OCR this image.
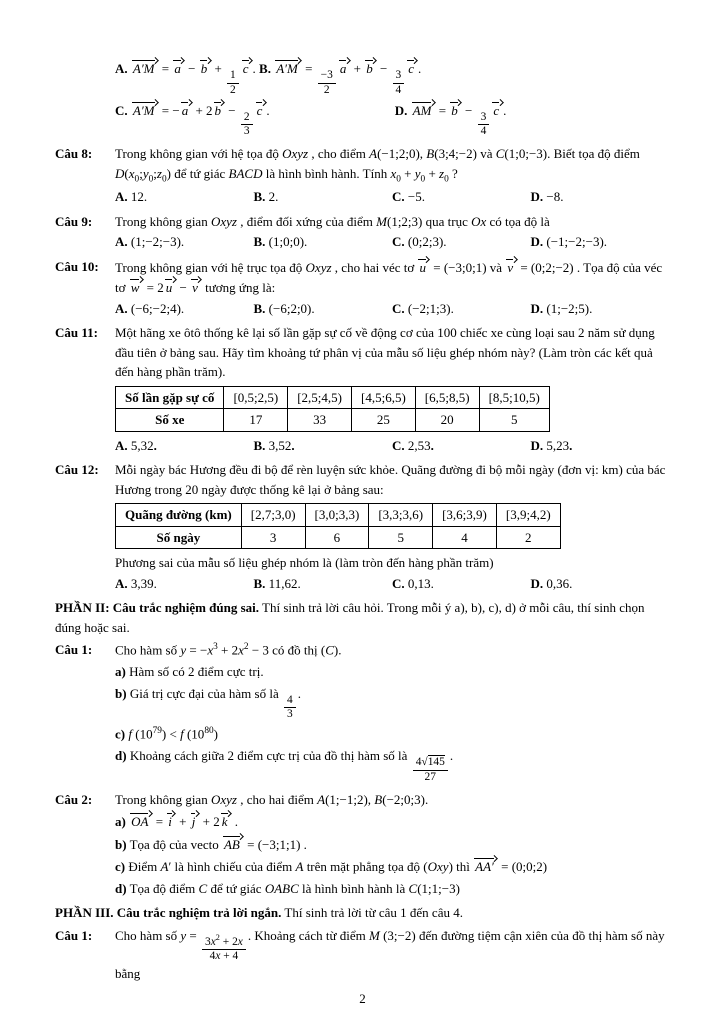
A. A′M = a − b +
$\frac{1}{2}$
c . B. A′M =
$\frac{-3}{2}$
a + b −
$\frac{3}{4}$
c .
C. A′M = − a + 2 b −
$\frac{2}{3}$
c .	D. AM = b −
$\frac{3}{4}$
c .
Câu 8:	Trong không gian với hệ tọa độ Oxyz , cho điểm A(−1;2;0), B(3;4;−2) và C(1;0;−3). Biết tọa độ điểm $D(x_0;y_0;z_0)$ để tứ giác BACD là hình bình hành. Tính $x_0 + y_0 + z_0$ ?
A. 12.	B. 2.	C. −5.	D. −8.
Câu 9:	Trong không gian Oxyz , điểm đối xứng của điểm M(1;2;3) qua trục Ox có tọa độ là
A. (1;−2;−3).	B. (1;0;0).	C. (0;2;3).	D. (−1;−2;−3).
Câu 10:	Trong không gian với hệ trục tọa độ Oxyz , cho hai véc tơ u = (−3;0;1) và v = (0;2;−2) . Tọa độ của véc tơ w = 2 u − v tương ứng là:
A. (−6;−2;4).	B. (−6;2;0).	C. (−2;1;3).	D. (1;−2;5).
Câu 11:	Một hãng xe ôtô thống kê lại số lần gặp sự cố về động cơ của 100 chiếc xe cùng loại sau 2 năm sử dụng đầu tiên ở bảng sau. Hãy tìm khoảng tứ phân vị của mẫu số liệu ghép nhóm này? (Làm tròn các kết quả đến hàng phần trăm).
Số lần gặp sự cố	[0,5;2,5)	[2,5;4,5)	[4,5;6,5)	[6,5;8,5)	[8,5;10,5)
Số xe	17	33	25	20	5
A. 5,32.	B. 3,52.	C. 2,53.	D. 5,23.
Câu 12:	Mỗi ngày bác Hương đều đi bộ để rèn luyện sức khỏe. Quãng đường đi bộ mỗi ngày (đơn vị: km) của bác Hương trong 20 ngày được thống kê lại ở bảng sau:
Quãng đường (km)	[2,7;3,0)	[3,0;3,3)	[3,3;3,6)	[3,6;3,9)	[3,9;4,2)
Số ngày	3	6	5	4	2
Phương sai của mẫu số liệu ghép nhóm là (làm tròn đến hàng phần trăm)
A. 3,39.	B. 11,62.	C. 0,13.	D. 0,36.
PHẦN II: Câu trắc nghiệm đúng sai. Thí sinh trả lời câu hỏi. Trong mỗi ý a), b), c), d) ở mỗi câu, thí sinh chọn đúng hoặc sai.
Câu 1:	Cho hàm số $y = -x^3 + 2x^2 - 3$ có đồ thị (C).
a) Hàm số có 2 điểm cực trị.
b) Giá trị cực đại của hàm số là
$\frac{4}{3}$
.
c) f $(10^{79}) < f$ $(10^{80})$
d) Khoảng cách giữa 2 điểm cực trị của đồ thị hàm số là
$\frac{4√145}{27}$
.
Câu 2:	Trong không gian Oxyz , cho hai điểm A(1;−1;2), B(−2;0;3).
a) OA = i + j + 2 k .
b) Tọa độ của vecto AB = (−3;1;1) .
c) Điểm A′ là hình chiếu của điểm A trên mặt phẳng tọa độ (Oxy) thì AA′ = (0;0;2)
d) Tọa độ điểm C để tứ giác OABC là hình bình hành là C(1;1;−3)
PHẦN III. Câu trắc nghiệm trả lời ngắn. Thí sinh trả lời từ câu 1 đến câu 4.
Câu 1:	Cho hàm số $y = \frac{3x^2 + 2x}{4x + 4}$ . Khoảng cách từ điểm M (3;−2) đến đường tiệm cận xiên của đồ thị hàm số này bằng
2
